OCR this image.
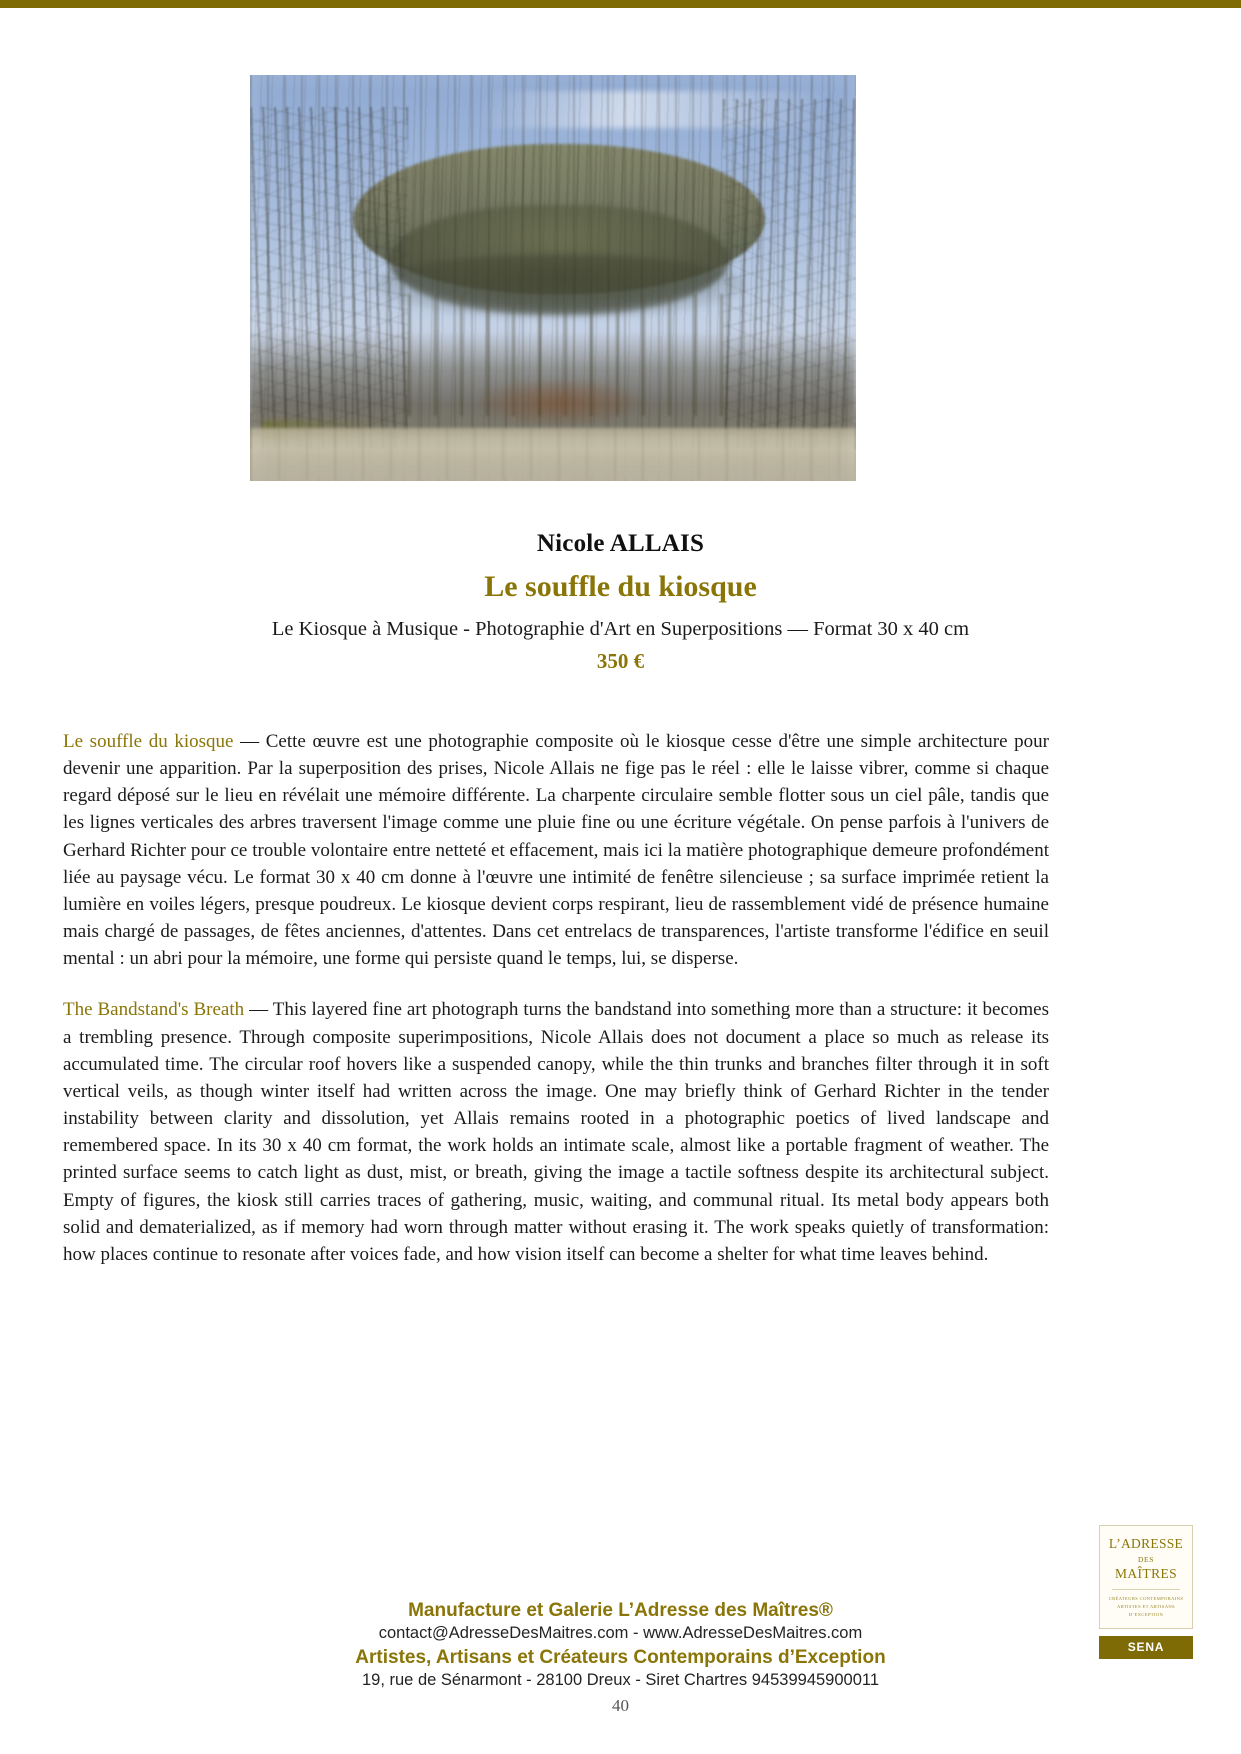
Nicole ALLAIS

Le souffle du kiosque

Le Kiosque à Musique - Photographie d'Art en Superpositions — Format 30 x 40 cm

350 €

Le souffle du kiosque — Cette œuvre est une photographie composite où le kiosque cesse d'être une simple architecture pour devenir une apparition. Par la superposition des prises, Nicole Allais ne fige pas le réel : elle le laisse vibrer, comme si chaque regard déposé sur le lieu en révélait une mémoire différente. La charpente circulaire semble flotter sous un ciel pâle, tandis que les lignes verticales des arbres traversent l'image comme une pluie fine ou une écriture végétale. On pense parfois à l'univers de Gerhard Richter pour ce trouble volontaire entre netteté et effacement, mais ici la matière photographique demeure profondément liée au paysage vécu. Le format 30 x 40 cm donne à l'œuvre une intimité de fenêtre silencieuse ; sa surface imprimée retient la lumière en voiles légers, presque poudreux. Le kiosque devient corps respirant, lieu de rassemblement vidé de présence humaine mais chargé de passages, de fêtes anciennes, d'attentes. Dans cet entrelacs de transparences, l'artiste transforme l'édifice en seuil mental : un abri pour la mémoire, une forme qui persiste quand le temps, lui, se disperse.

The Bandstand's Breath — This layered fine art photograph turns the bandstand into something more than a structure: it becomes a trembling presence. Through composite superimpositions, Nicole Allais does not document a place so much as release its accumulated time. The circular roof hovers like a suspended canopy, while the thin trunks and branches filter through it in soft vertical veils, as though winter itself had written across the image. One may briefly think of Gerhard Richter in the tender instability between clarity and dissolution, yet Allais remains rooted in a photographic poetics of lived landscape and remembered space. In its 30 x 40 cm format, the work holds an intimate scale, almost like a portable fragment of weather. The printed surface seems to catch light as dust, mist, or breath, giving the image a tactile softness despite its architectural subject. Empty of figures, the kiosk still carries traces of gathering, music, waiting, and communal ritual. Its metal body appears both solid and dematerialized, as if memory had worn through matter without erasing it. The work speaks quietly of transformation: how places continue to resonate after voices fade, and how vision itself can become a shelter for what time leaves behind.

L’ADRESSE
DES
MAÎTRES
CRÉATEURS CONTEMPORAINS
ARTISTES ET ARTISANS
D’EXCEPTION
SENA

Manufacture et Galerie L’Adresse des Maîtres®

contact@AdresseDesMaitres.com - www.AdresseDesMaitres.com

Artistes, Artisans et Créateurs Contemporains d’Exception

19, rue de Sénarmont - 28100 Dreux - Siret Chartres 94539945900011

40
